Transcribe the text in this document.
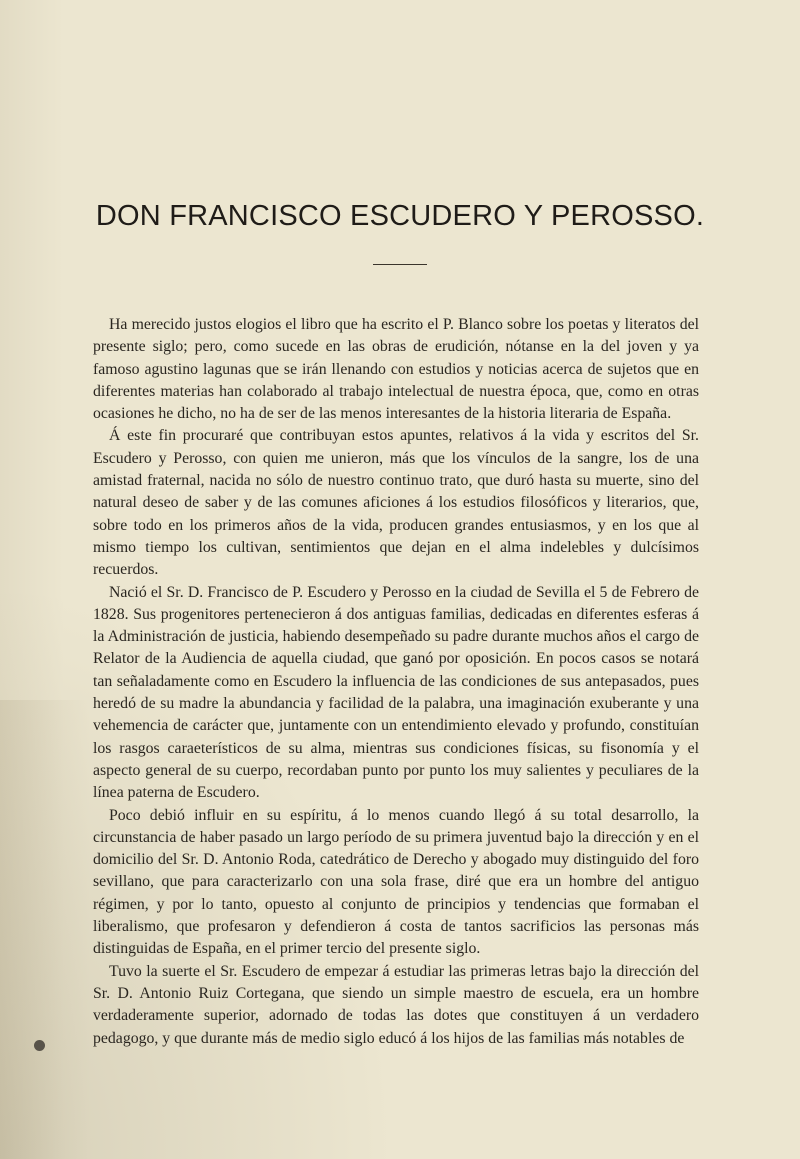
DON FRANCISCO ESCUDERO Y PEROSSO.

Ha merecido justos elogios el libro que ha escrito el P. Blanco sobre los poetas y literatos del presente siglo; pero, como sucede en las obras de erudición, nótanse en la del joven y ya famoso agustino lagunas que se irán llenando con estudios y noticias acerca de sujetos que en diferentes materias han colaborado al trabajo intelectual de nuestra época, que, como en otras ocasiones he dicho, no ha de ser de las menos interesantes de la historia literaria de España.

Á este fin procuraré que contribuyan estos apuntes, relativos á la vida y escritos del Sr. Escudero y Perosso, con quien me unieron, más que los vínculos de la sangre, los de una amistad fraternal, nacida no sólo de nuestro continuo trato, que duró hasta su muerte, sino del natural deseo de saber y de las comunes aficiones á los estudios filosóficos y literarios, que, sobre todo en los primeros años de la vida, producen grandes entusiasmos, y en los que al mismo tiempo los cultivan, sentimientos que dejan en el alma indelebles y dulcísimos recuerdos.

Nació el Sr. D. Francisco de P. Escudero y Perosso en la ciudad de Sevilla el 5 de Febrero de 1828. Sus progenitores pertenecieron á dos antiguas familias, dedicadas en diferentes esferas á la Administración de justicia, habiendo desempeñado su padre durante muchos años el cargo de Relator de la Audiencia de aquella ciudad, que ganó por oposición. En pocos casos se notará tan señaladamente como en Escudero la influencia de las condiciones de sus antepasados, pues heredó de su madre la abundancia y facilidad de la palabra, una imaginación exuberante y una vehemencia de carácter que, juntamente con un entendimiento elevado y profundo, constituían los rasgos caraeterísticos de su alma, mientras sus condiciones físicas, su fisonomía y el aspecto general de su cuerpo, recordaban punto por punto los muy salientes y peculiares de la línea paterna de Escudero.

Poco debió influir en su espíritu, á lo menos cuando llegó á su total desarrollo, la circunstancia de haber pasado un largo período de su primera juventud bajo la dirección y en el domicilio del Sr. D. Antonio Roda, catedrático de Derecho y abogado muy distinguido del foro sevillano, que para caracterizarlo con una sola frase, diré que era un hombre del antiguo régimen, y por lo tanto, opuesto al conjunto de principios y tendencias que formaban el liberalismo, que profesaron y defendieron á costa de tantos sacrificios las personas más distinguidas de España, en el primer tercio del presente siglo.

Tuvo la suerte el Sr. Escudero de empezar á estudiar las primeras letras bajo la dirección del Sr. D. Antonio Ruiz Cortegana, que siendo un simple maestro de escuela, era un hombre verdaderamente superior, adornado de todas las dotes que constituyen á un verdadero pedagogo, y que durante más de medio siglo educó á los hijos de las familias más notables de
